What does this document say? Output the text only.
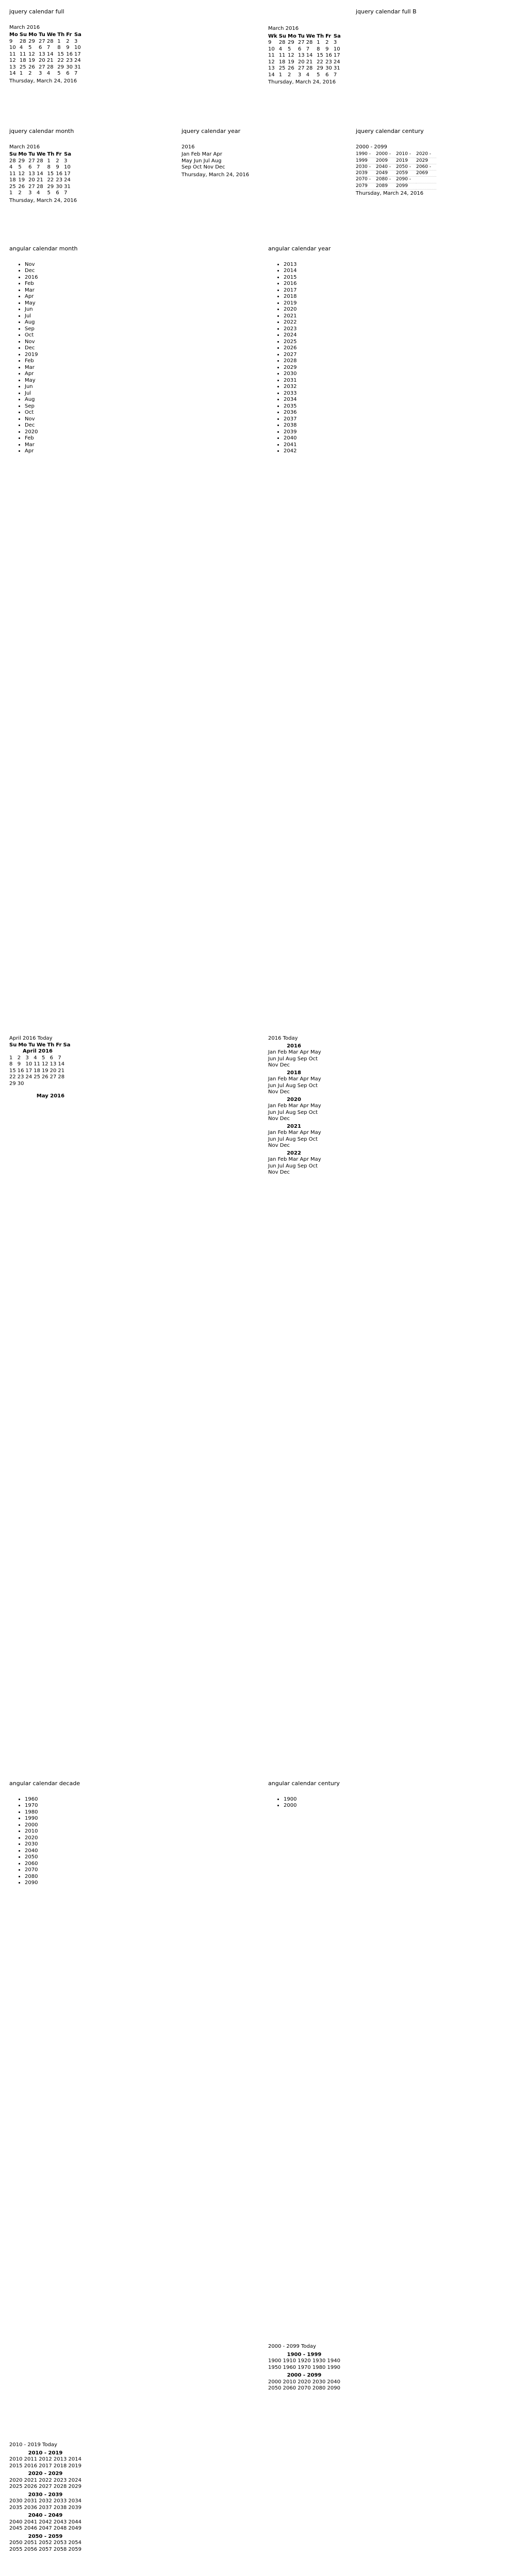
jquery calendar full
March 2016
Mo	Su	Mo	Tu	We	Th	Fr	Sa
9	28	29	27	28	1	2	3
10	4	5	6	7	8	9	10
11	11	12	13	14	15	16	17
12	18	19	20	21	22	23	24
13	25	26	27	28	29	30	31
14	1	2	3	4	5	6	7
Thursday, March 24, 2016
March 2016
Wk	Su	Mo	Tu	We	Th	Fr	Sa
9	28	29	27	28	1	2	3
10	4	5	6	7	8	9	10
11	11	12	13	14	15	16	17
12	18	19	20	21	22	23	24
13	25	26	27	28	29	30	31
14	1	2	3	4	5	6	7
Thursday, March 24, 2016
jquery calendar full B
jquery calendar month
March 2016
Su	Mo	Tu	We	Th	Fr	Sa
28	29	27	28	1	2	3
4	5	6	7	8	9	10
11	12	13	14	15	16	17
18	19	20	21	22	23	24
25	26	27	28	29	30	31
1	2	3	4	5	6	7
Thursday, March 24, 2016
jquery calendar year
2016
Jan Feb Mar Apr
May Jun Jul Aug
Sep Oct Nov Dec
Thursday, March 24, 2016
jquery calendar century
2000 - 2099
1990 -	2000 -	2010 -	2020 -
1999	2009	2019	2029
2030 -	2040 -	2050 -	2060 -
2039	2049	2059	2069
2070 -	2080 -	2090 -	
2079	2089	2099	
Thursday, March 24, 2016
angular calendar month
• Nov
• Dec
• 2016
• Feb
• Mar
• Apr
• May
• Jun
• Jul
• Aug
• Sep
• Oct
• Nov
• Dec
• 2019
• Feb
• Mar
• Apr
• May
• Jun
• Jul
• Aug
• Sep
• Oct
• Nov
• Dec
• 2020
• Feb
• Mar
• Apr
angular calendar year
• 2013
• 2014
• 2015
• 2016
• 2017
• 2018
• 2019
• 2020
• 2021
• 2022
• 2023
• 2024
• 2025
• 2026
• 2027
• 2028
• 2029
• 2030
• 2031
• 2032
• 2033
• 2034
• 2035
• 2036
• 2037
• 2038
• 2039
• 2040
• 2041
• 2042
April 2016 Today
Su	Mo	Tu	We	Th	Fr	Sa
April 2016
1	2	3	4	5	6	7
8	9	10	11	12	13	14
15	16	17	18	19	20	21
22	23	24	25	26	27	28
29	30					
May 2016
2016 Today
2016
Jan Feb Mar Apr May
Jun Jul Aug Sep Oct
Nov Dec
2018
Jan Feb Mar Apr May
Jun Jul Aug Sep Oct
Nov Dec
2020
Jan Feb Mar Apr May
Jun Jul Aug Sep Oct
Nov Dec
2021
Jan Feb Mar Apr May
Jun Jul Aug Sep Oct
Nov Dec
2022
Jan Feb Mar Apr May
Jun Jul Aug Sep Oct
Nov Dec
angular calendar decade
• 1960
• 1970
• 1980
• 1990
• 2000
• 2010
• 2020
• 2030
• 2040
• 2050
• 2060
• 2070
• 2080
• 2090
angular calendar century
• 1900
• 2000
2000 - 2099 Today
1900 - 1999
1900 1910 1920 1930 1940
1950 1960 1970 1980 1990
2000 - 2099
2000 2010 2020 2030 2040
2050 2060 2070 2080 2090
2010 - 2019 Today
2010 - 2019
2010 2011 2012 2013 2014
2015 2016 2017 2018 2019
2020 - 2029
2020 2021 2022 2023 2024
2025 2026 2027 2028 2029
2030 - 2039
2030 2031 2032 2033 2034
2035 2036 2037 2038 2039
2040 - 2049
2040 2041 2042 2043 2044
2045 2046 2047 2048 2049
2050 - 2059
2050 2051 2052 2053 2054
2055 2056 2057 2058 2059
